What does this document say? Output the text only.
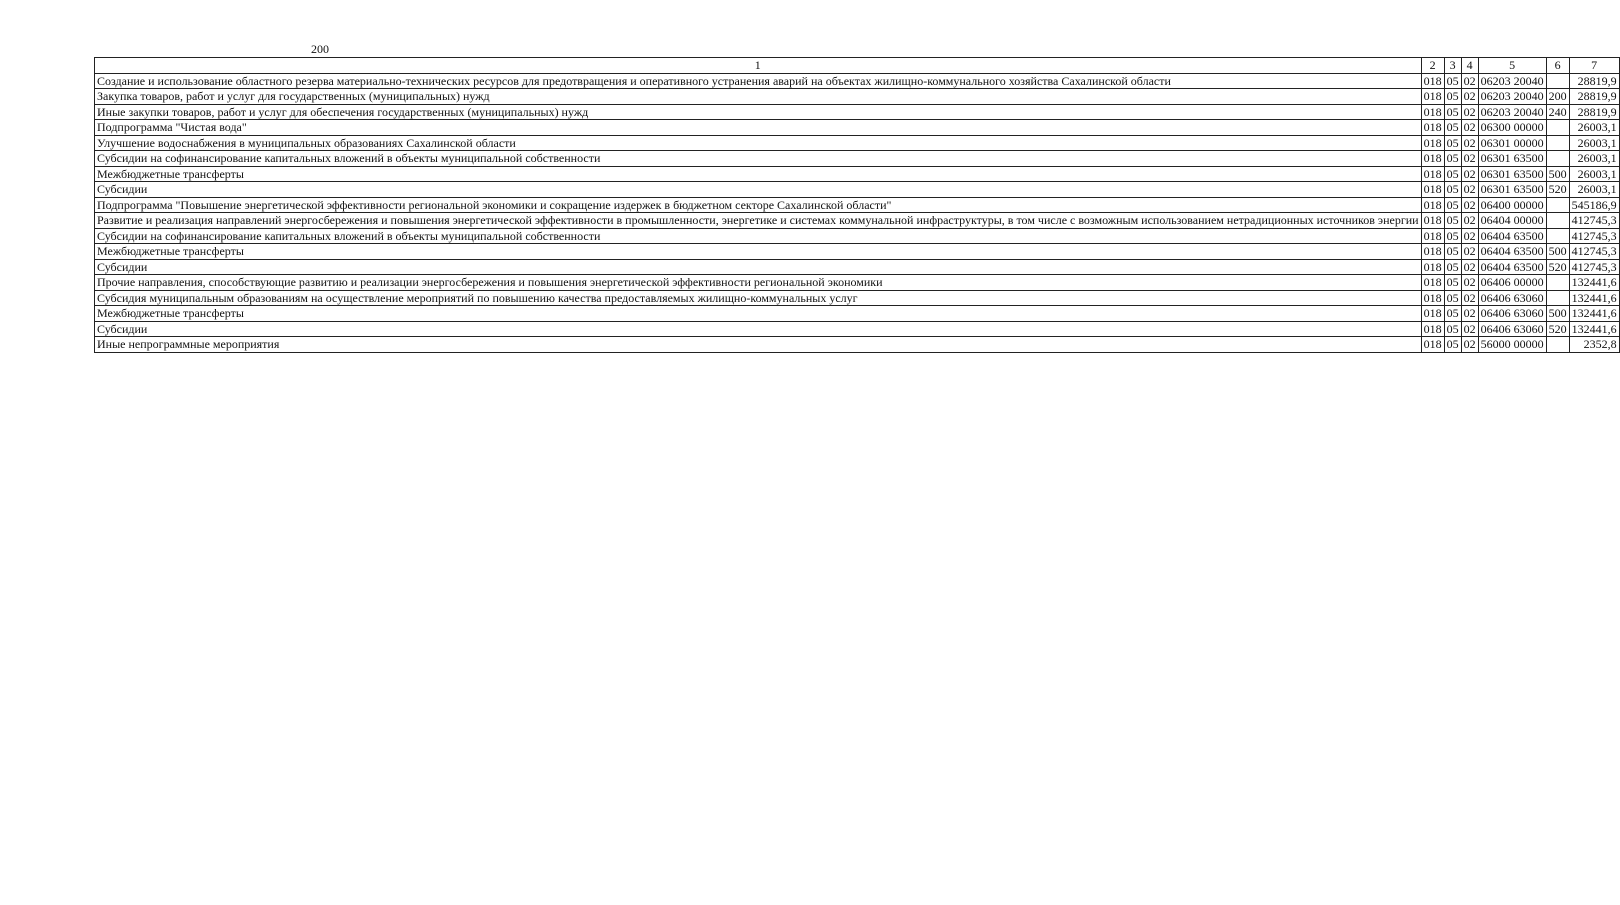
200
1	2	3	4	5	6	7
Создание и использование областного резерва материально-технических ресурсов для предотвращения и оперативного устранения аварий на объектах жилищно-коммунального хозяйства Сахалинской области	018	05	02	06203 20040		28819,9
Закупка товаров, работ и услуг для государственных (муниципальных) нужд	018	05	02	06203 20040	200	28819,9
Иные закупки товаров, работ и услуг для обеспечения государственных (муниципальных) нужд	018	05	02	06203 20040	240	28819,9
Подпрограмма "Чистая вода"	018	05	02	06300 00000		26003,1
Улучшение водоснабжения в муниципальных образованиях Сахалинской области	018	05	02	06301 00000		26003,1
Субсидии на софинансирование капитальных вложений в объекты муниципальной собственности	018	05	02	06301 63500		26003,1
Межбюджетные трансферты	018	05	02	06301 63500	500	26003,1
Субсидии	018	05	02	06301 63500	520	26003,1
Подпрограмма "Повышение энергетической эффективности региональной экономики и сокращение издержек в бюджетном секторе Сахалинской области"	018	05	02	06400 00000		545186,9
Развитие и реализация направлений энергосбережения и повышения энергетической эффективности в промышленности, энергетике и системах коммунальной инфраструктуры, в том числе с возможным использованием нетрадиционных источников энергии	018	05	02	06404 00000		412745,3
Субсидии на софинансирование капитальных вложений в объекты муниципальной собственности	018	05	02	06404 63500		412745,3
Межбюджетные трансферты	018	05	02	06404 63500	500	412745,3
Субсидии	018	05	02	06404 63500	520	412745,3
Прочие направления, способствующие развитию и реализации энергосбережения и повышения энергетической эффективности региональной экономики	018	05	02	06406 00000		132441,6
Субсидия муниципальным образованиям на осуществление мероприятий по повышению качества предоставляемых жилищно-коммунальных услуг	018	05	02	06406 63060		132441,6
Межбюджетные трансферты	018	05	02	06406 63060	500	132441,6
Субсидии	018	05	02	06406 63060	520	132441,6
Иные непрограммные мероприятия	018	05	02	56000 00000		2352,8
